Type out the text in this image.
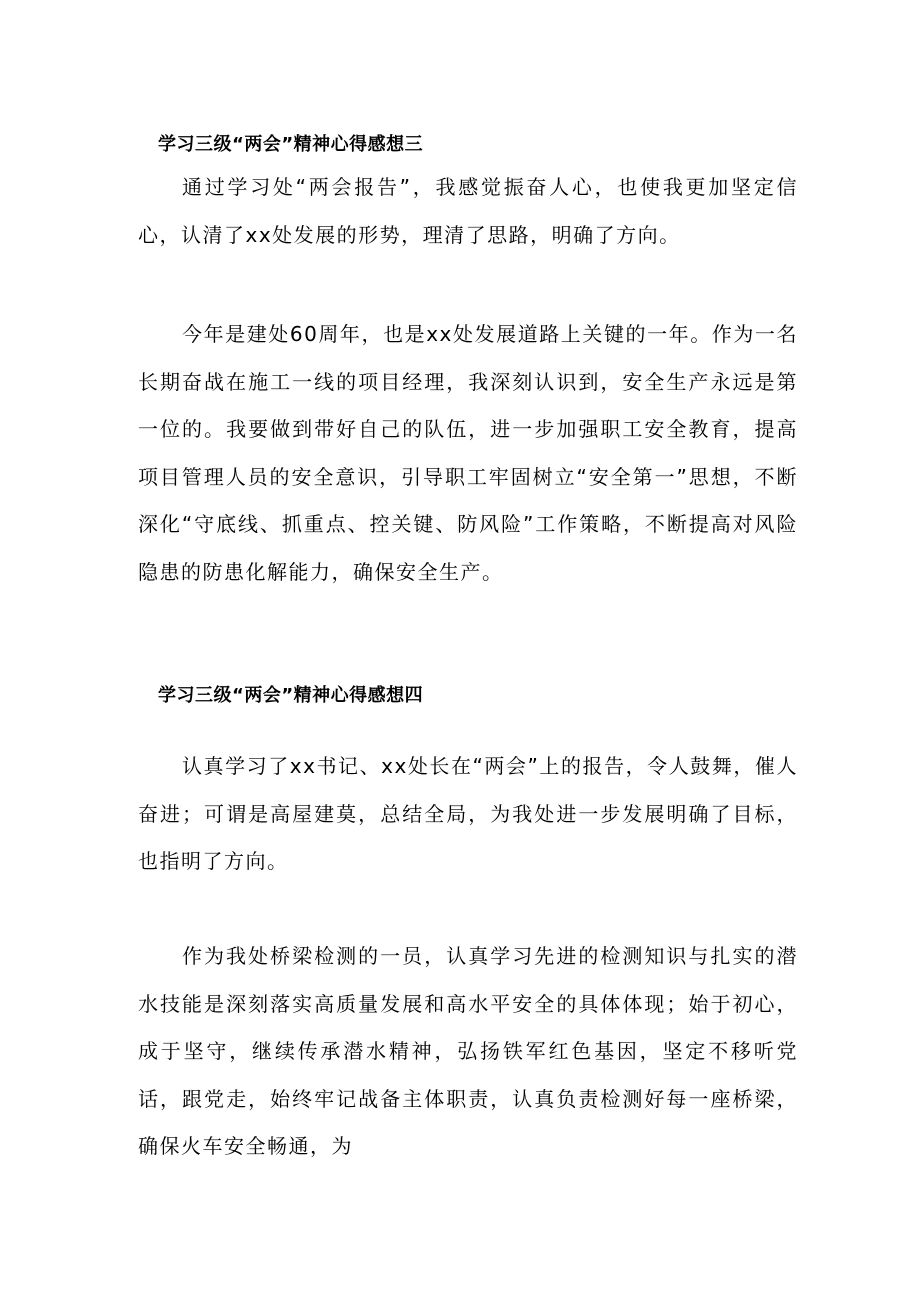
学习三级“两会”精神心得感想三

通过学习处“两会报告”，我感觉振奋人心，也使我更加坚定信心，认清了xx处发展的形势，理清了思路，明确了方向。

今年是建处60周年，也是xx处发展道路上关键的一年。作为一名长期奋战在施工一线的项目经理，我深刻认识到，安全生产永远是第一位的。我要做到带好自己的队伍，进一步加强职工安全教育，提高项目管理人员的安全意识，引导职工牢固树立“安全第一”思想，不断深化“守底线、抓重点、控关键、防风险”工作策略，不断提高对风险隐患的防患化解能力，确保安全生产。

学习三级“两会”精神心得感想四

认真学习了xx书记、xx处长在“两会”上的报告，令人鼓舞，催人奋进；可谓是高屋建莫，总结全局，为我处进一步发展明确了目标，也指明了方向。

作为我处桥梁检测的一员，认真学习先进的检测知识与扎实的潜水技能是深刻落实高质量发展和高水平安全的具体体现；始于初心，成于坚守，继续传承潜水精神，弘扬铁军红色基因，坚定不移听党话，跟党走，始终牢记战备主体职责，认真负责检测好每一座桥梁，确保火车安全畅通，为
